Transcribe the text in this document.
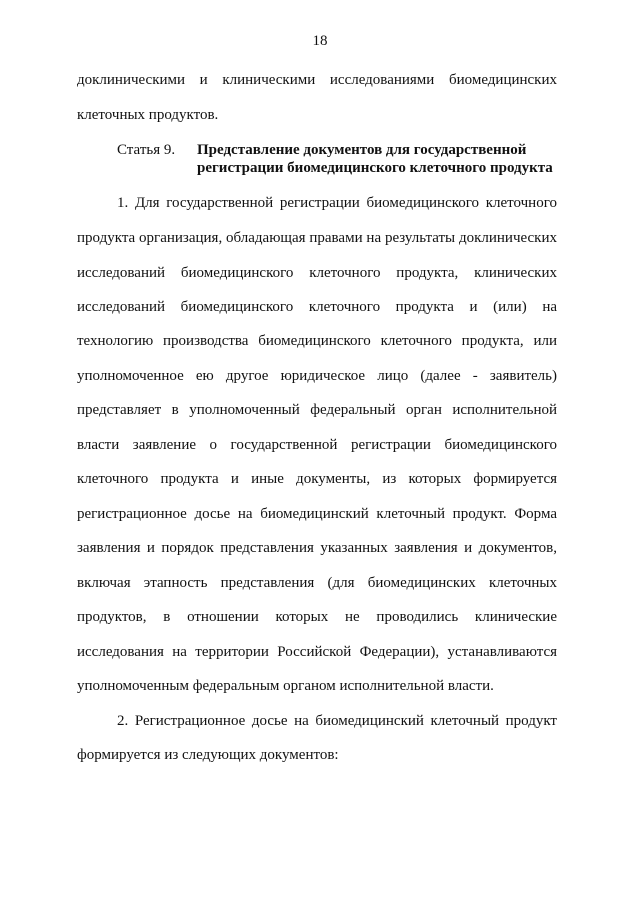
18
доклиническими и клиническими исследованиями биомедицинских
клеточных продуктов.
Статья 9. Представление документов для государственной
регистрации биомедицинского клеточного продукта
1. Для государственной регистрации биомедицинского клеточного
продукта организация, обладающая правами на результаты доклинических
исследований биомедицинского клеточного продукта, клинических
исследований биомедицинского клеточного продукта и (или) на
технологию производства биомедицинского клеточного продукта, или
уполномоченное ею другое юридическое лицо (далее - заявитель)
представляет в уполномоченный федеральный орган исполнительной
власти заявление о государственной регистрации биомедицинского
клеточного продукта и иные документы, из которых формируется
регистрационное досье на биомедицинский клеточный продукт. Форма
заявления и порядок представления указанных заявления и документов,
включая этапность представления (для биомедицинских клеточных
продуктов, в отношении которых не проводились клинические
исследования на территории Российской Федерации), устанавливаются
уполномоченным федеральным органом исполнительной власти.
2. Регистрационное досье на биомедицинский клеточный продукт
формируется из следующих документов:
